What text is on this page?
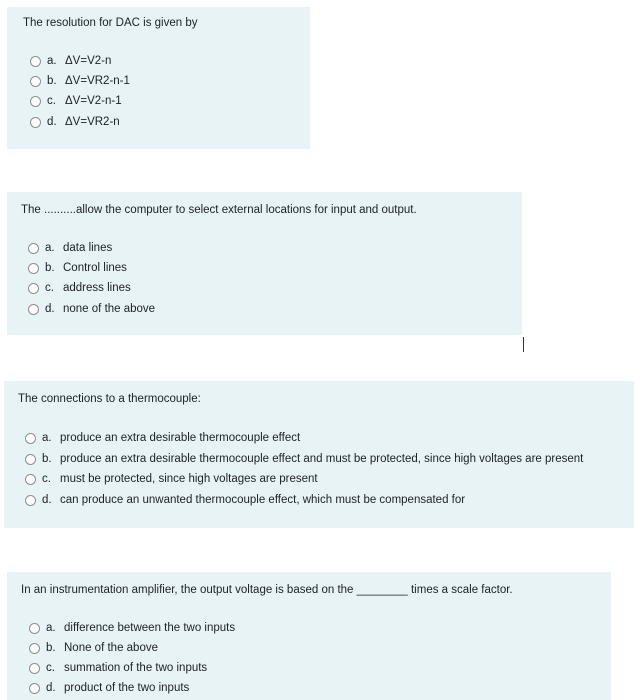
The resolution for DAC is given by
a. ΔV=V2-n
b. ΔV=VR2-n-1
c. ΔV=V2-n-1
d. ΔV=VR2-n
The ..........allow the computer to select external locations for input and output.
a. data lines
b. Control lines
c. address lines
d. none of the above
The connections to a thermocouple:
a. produce an extra desirable thermocouple effect
b. produce an extra desirable thermocouple effect and must be protected, since high voltages are present
c. must be protected, since high voltages are present
d. can produce an unwanted thermocouple effect, which must be compensated for
In an instrumentation amplifier, the output voltage is based on the ________ times a scale factor.
a. difference between the two inputs
b. None of the above
c. summation of the two inputs
d. product of the two inputs
